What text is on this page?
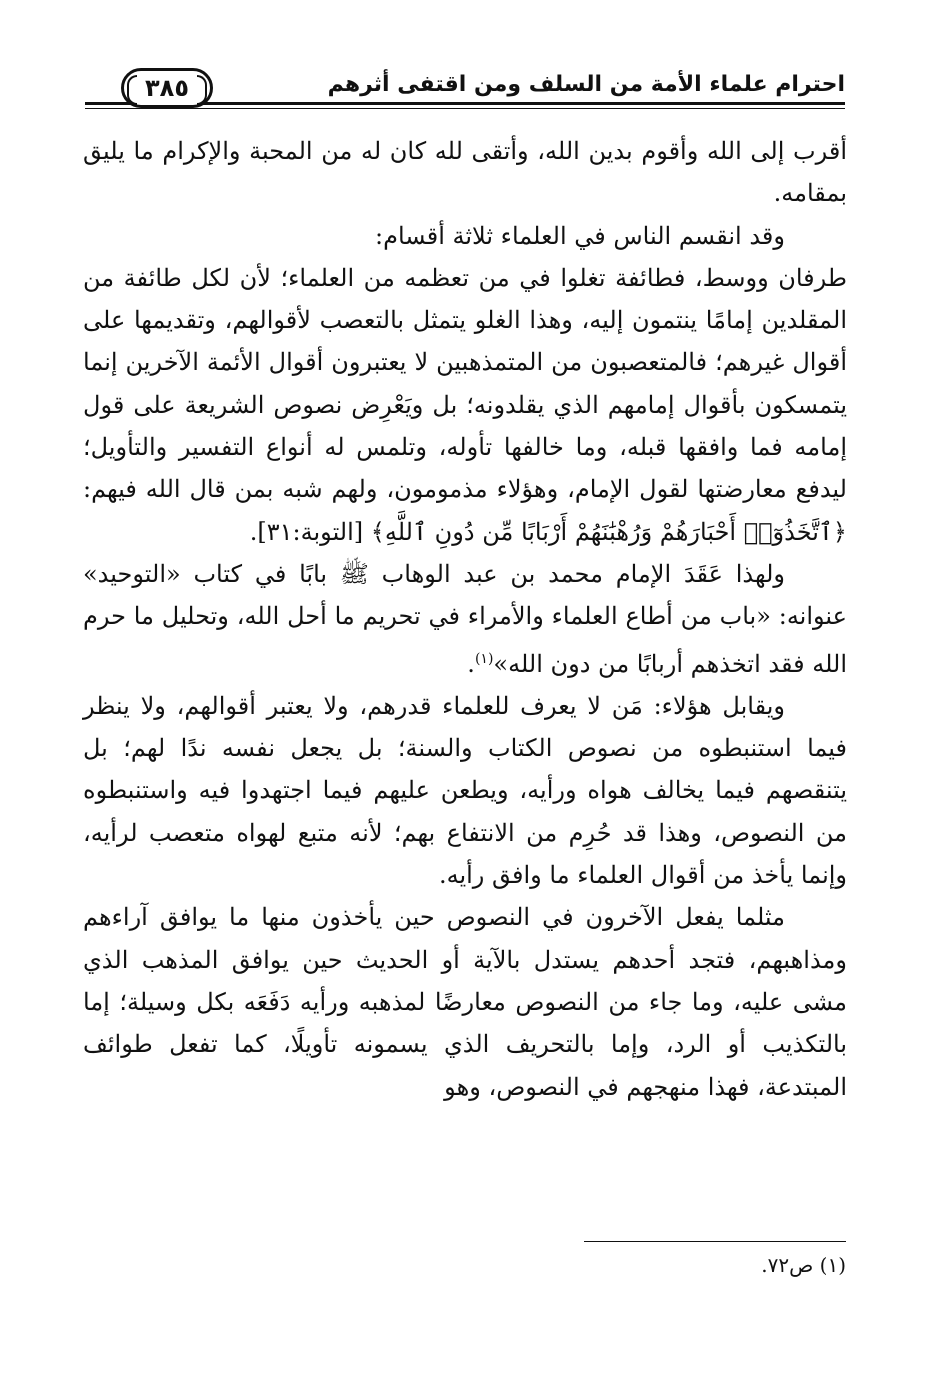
احترام علماء الأمة من السلف ومن اقتفى أثرهم
٣٨٥

أقرب إلى الله وأقوم بدين الله، وأتقى لله كان له من المحبة والإكرام ما يليق بمقامه.

وقد انقسم الناس في العلماء ثلاثة أقسام:

طرفان ووسط، فطائفة تغلوا في من تعظمه من العلماء؛ لأن لكل طائفة من المقلدين إمامًا ينتمون إليه، وهذا الغلو يتمثل بالتعصب لأقوالهم، وتقديمها على أقوال غيرهم؛ فالمتعصبون من المتمذهبين لا يعتبرون أقوال الأئمة الآخرين إنما يتمسكون بأقوال إمامهم الذي يقلدونه؛ بل ويَعْرِض نصوص الشريعة على قول إمامه فما وافقها قبله، وما خالفها تأوله، وتلمس له أنواع التفسير والتأويل؛ ليدفع معارضتها لقول الإمام، وهؤلاء مذمومون، ولهم شبه بمن قال الله فيهم: ﴿ٱتَّخَذُوٓا۟ أَحْبَارَهُمْ وَرُهْبَٰنَهُمْ أَرْبَابًا مِّن دُونِ ٱللَّهِ﴾ [التوبة:٣١].

ولهذا عَقَدَ الإمام محمد بن عبد الوهاب ﷺ بابًا في كتاب «التوحيد» عنوانه: «باب من أطاع العلماء والأمراء في تحريم ما أحل الله، وتحليل ما حرم الله فقد اتخذهم أربابًا من دون الله»$^{(١)}$.

ويقابل هؤلاء: مَن لا يعرف للعلماء قدرهم، ولا يعتبر أقوالهم، ولا ينظر فيما استنبطوه من نصوص الكتاب والسنة؛ بل يجعل نفسه ندًا لهم؛ بل يتنقصهم فيما يخالف هواه ورأيه، ويطعن عليهم فيما اجتهدوا فيه واستنبطوه من النصوص، وهذا قد حُرِم من الانتفاع بهم؛ لأنه متبع لهواه متعصب لرأيه، وإنما يأخذ من أقوال العلماء ما وافق رأيه.

مثلما يفعل الآخرون في النصوص حين يأخذون منها ما يوافق آراءهم ومذاهبهم، فتجد أحدهم يستدل بالآية أو الحديث حين يوافق المذهب الذي مشى عليه، وما جاء من النصوص معارضًا لمذهبه ورأيه دَفَعَه بكل وسيلة؛ إما بالتكذيب أو الرد، وإما بالتحريف الذي يسمونه تأويلًا، كما تفعل طوائف المبتدعة، فهذا منهجهم في النصوص، وهو

(١) ص٧٢.
